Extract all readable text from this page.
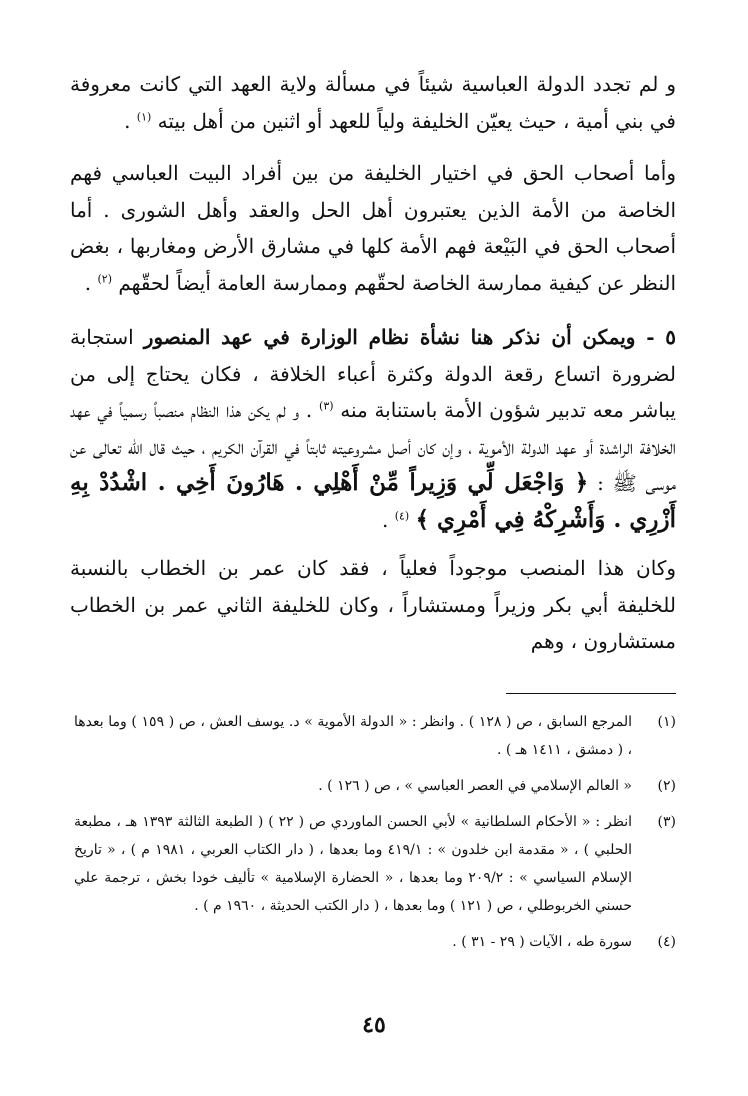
و لم تجدد الدولة العباسية شيئاً في مسألة ولاية العهد التي كانت معروفة في بني أمية ، حيث يعيّن الخليفة ولياً للعهد أو اثنين من أهل بيته $^{(١)}$ .

وأما أصحاب الحق في اختيار الخليفة من بين أفراد البيت العباسي فهم الخاصة من الأمة الذين يعتبرون أهل الحل والعقد وأهل الشورى . أما أصحاب الحق في البَيْعة فهم الأمة كلها في مشارق الأرض ومغاربها ، بغض النظر عن كيفية ممارسة الخاصة لحقّهم وممارسة العامة أيضاً لحقّهم $^{(٢)}$ .

٥ - ويمكن أن نذكر هنا نشأة نظام الوزارة في عهد المنصور استجابة لضرورة اتساع رقعة الدولة وكثرة أعباء الخلافة ، فكان يحتاج إلى من يباشر معه تدبير شؤون الأمة باستنابة منه $^{(٣)}$ . و لم يكن هذا النظام منصباً رسمياً في عهد الخلافة الراشدة أو عهد الدولة الأموية ، وإن كان أصل مشروعيته ثابتاً في القرآن الكريم ، حيث قال الله تعالى عن موسى ﷺ : ﴿ وَاجْعَل لِّي وَزِيراً مِّنْ أَهْلِي . هَارُونَ أَخِي . اشْدُدْ بِهِ أَزْرِي . وَأَشْرِكْهُ فِي أَمْرِي ﴾ $^{(٤)}$ .

وكان هذا المنصب موجوداً فعلياً ، فقد كان عمر بن الخطاب بالنسبة للخليفة أبي بكر وزيراً ومستشاراً ، وكان للخليفة الثاني عمر بن الخطاب مستشارون ، وهم

(١)
المرجع السابق ، ص ( ١٢٨ ) . وانظر : « الدولة الأموية » د. يوسف العش ، ص ( ١٥٩ ) وما بعدها ، ( دمشق ، ١٤١١ هـ ) .
(٢)
« العالم الإسلامي في العصر العباسي » ، ص ( ١٢٦ ) .
(٣)
انظر : « الأحكام السلطانية » لأبي الحسن الماوردي ص ( ٢٢ ) ( الطبعة الثالثة ١٣٩٣ هـ ، مطبعة الحلبي ) ، « مقدمة ابن خلدون » : ٤١٩/١ وما بعدها ، ( دار الكتاب العربي ، ١٩٨١ م ) ، « تاريخ الإسلام السياسي » : ٢٠٩/٢ وما بعدها ، « الحضارة الإسلامية » تأليف خودا بخش ، ترجمة علي حسني الخربوطلي ، ص ( ١٢١ ) وما بعدها ، ( دار الكتب الحديثة ، ١٩٦٠ م ) .
(٤)
سورة طه ، الآيات ( ٢٩ - ٣١ ) .
٤٥
